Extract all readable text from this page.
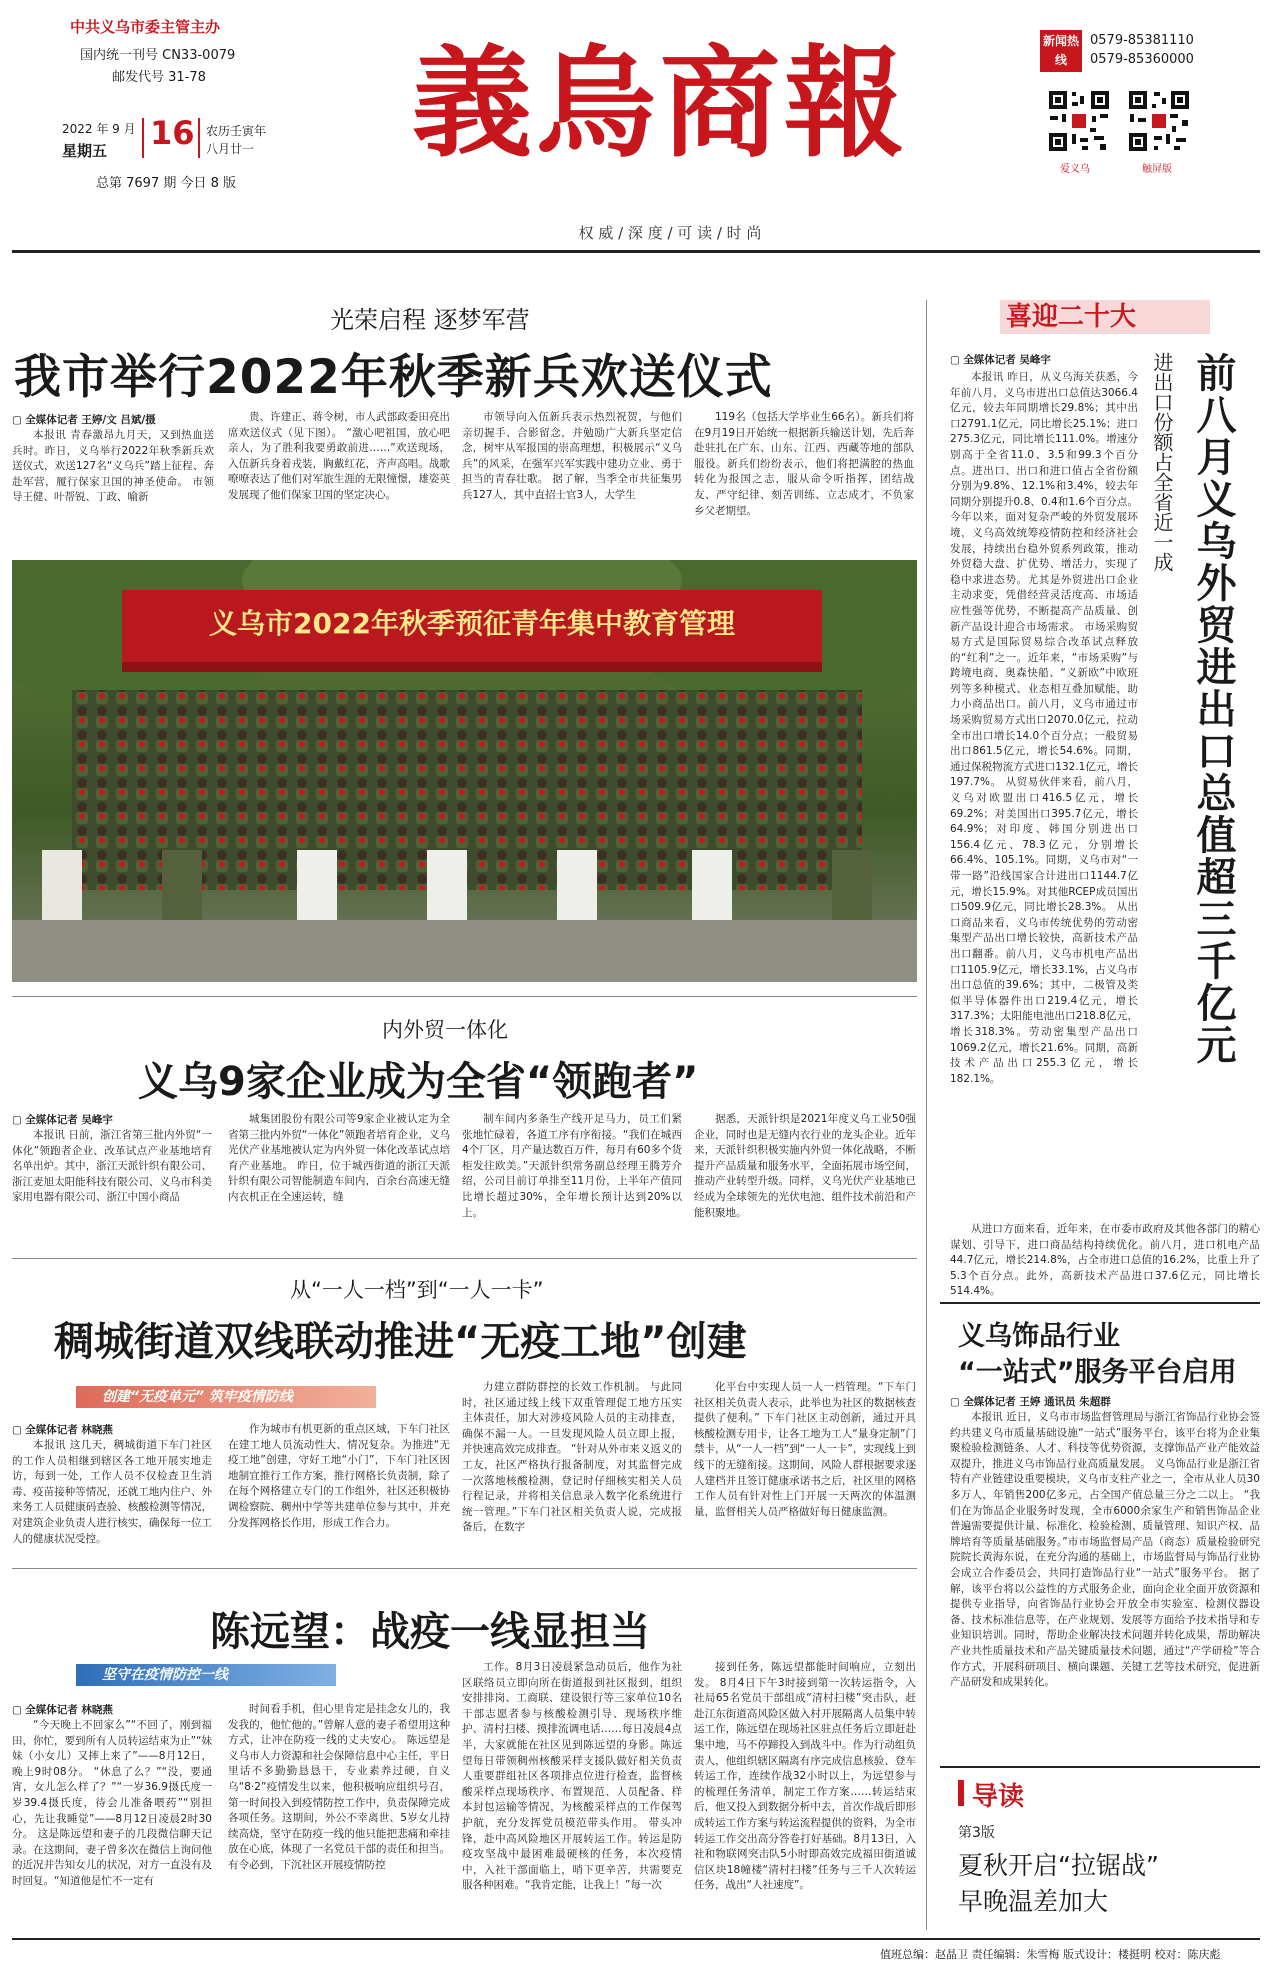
中共义乌市委主管主办
国内统一刊号 CN33-0079
邮发代号 31-78
2022 年 9 月
星期五 16 农历壬寅年
八月廿一
总第 7697 期 今日 8 版
義烏商報
权 威 / 深 度 / 可 读 / 时 尚
新闻热线
0579-85381110
0579-85360000
爱义乌	触屏版
光荣启程 逐梦军营
我市举行2022年秋季新兵欢送仪式
▢ 全媒体记者 王婷/文 吕斌/摄

本报讯 青春激昂九月天，又到热血送兵时。昨日，义乌举行2022年秋季新兵欢送仪式，欢送127名“义乌兵”踏上征程、奔赴军营，履行保家卫国的神圣使命。 市领导王健、叶帮锐、丁政、喻新

贵、许建正、蒋令树，市人武部政委田亮出席欢送仪式（见下图）。 “激心吧祖国，放心吧亲人，为了胜利我要勇敢前进……”欢送现场，入伍新兵身着戎装，胸戴红花，齐声高唱。战歌嘹嘹表达了他们对军旅生涯的无限憧憬，雄姿英发展现了他们保家卫国的坚定决心。

市领导向入伍新兵表示热烈祝贺，与他们亲切握手、合影留念，并勉励广大新兵坚定信念，树牢从军报国的崇高理想，积极展示“义乌兵”的风采，在强军兴军实践中建功立业、勇于担当的青春壮歌。 据了解，当季全市共征集男兵127人，其中直招士官3人，大学生

119名（包括大学毕业生66名）。新兵们将在9月19日开始统一根据新兵输送计划，先后奔赴驻扎在广东、山东、江西、西藏等地的部队服役。新兵们纷纷表示，他们将把满腔的热血转化为报国之志，服从命令听指挥，团结战友、严守纪律、刻苦训练、立志成才，不负家乡父老期望。

义乌市2022年秋季预征青年集中教育管理
喜迎二十大
▢ 全媒体记者 吴峰宇

本报讯 昨日，从义乌海关获悉，今年前八月，义乌市进出口总值达3066.4亿元，较去年同期增长29.8%；其中出口2791.1亿元，同比增长25.1%；进口275.3亿元，同比增长111.0%。增速分别高于全省11.0、3.5和99.3个百分点。进出口、出口和进口值占全省份额分别为9.8%、12.1%和3.4%，较去年同期分别提升0.8、0.4和1.6个百分点。 今年以来，面对复杂严峻的外贸发展环境，义乌高效统筹疫情防控和经济社会发展，持续出台稳外贸系列政策，推动外贸稳大盘、扩优势、增活力，实现了稳中求进态势。尤其是外贸进出口企业主动求变，凭借经营灵活度高、市场适应性强等优势，不断提高产品质量、创新产品设计迎合市场需求。 市场采购贸易方式是国际贸易综合改革试点释放的“红利”之一。近年来，“市场采购”与跨境电商、奥森快船、“义新欧”中欧班列等多种模式、业态相互叠加赋能，助力小商品出口。前八月，义乌市通过市场采购贸易方式出口2070.0亿元，拉动全市出口增长14.0个百分点；一般贸易出口861.5亿元，增长54.6%。同期，通过保税物流方式进口132.1亿元，增长197.7%。 从贸易伙伴来看，前八月，义乌对欧盟出口416.5亿元，增长69.2%；对美国出口395.7亿元，增长64.9%；对印度、韩国分别进出口156.4亿元、78.3亿元，分别增长66.4%、105.1%。同期，义乌市对“一带一路”沿线国家合计进出口1144.7亿元，增长15.9%。对其他RCEP成员国出口509.9亿元，同比增长28.3%。 从出口商品来看，义乌市传统优势的劳动密集型产品出口增长较快，高新技术产品出口翻番。前八月，义乌市机电产品出口1105.9亿元，增长33.1%，占义乌市出口总值的39.6%；其中，二极管及类似半导体器件出口219.4亿元，增长317.3%；太阳能电池出口218.8亿元，增长318.3%。劳动密集型产品出口1069.2亿元，增长21.6%。同期，高新技术产品出口255.3亿元，增长182.1%。

进出口份额占全省近一成 前八月义乌外贸进出口总值超三千亿元

从进口方面来看，近年来，在市委市政府及其他各部门的精心谋划、引导下，进口商品结构持续优化。前八月，进口机电产品44.7亿元，增长214.8%，占全市进口总值的16.2%，比重上升了5.3个百分点。此外，高新技术产品进口37.6亿元，同比增长514.4%。

义乌饰品行业
“一站式”服务平台启用
▢ 全媒体记者 王婷 通讯员 朱超群

本报讯 近日，义乌市市场监督管理局与浙江省饰品行业协会签约共建义乌市质量基础设施“一站式”服务平台，该平台将为企业集聚检验检测链条、人才、科技等优势资源，支撑饰品产业产能效益双提升，推进义乌市饰品行业高质量发展。 义乌饰品行业是浙江省特有产业链建设重要模块，义乌市支柱产业之一，全市从业人员30多万人，年销售200亿多元，占全国产值总量三分之二以上。 “我们在为饰品企业服务时发现，全市6000余家生产和销售饰品企业普遍需要提供计量、标准化、检验检测、质量管理、知识产权、品牌培育等质量基础服务。”市市场监督局产品（商态）质量检验研究院院长黄海东说，在充分沟通的基础上，市场监督局与饰品行业协会成立合作委员会，共同打造饰品行业“一站式”服务平台。 据了解，该平台将以公益性的方式服务企业，面向企业全面开放资源和提供专业指导，向省饰品行业协会开放全市实验室、检测仪器设备、技术标准信息等，在产业规划、发展等方面给予技术指导和专业知识培训。同时，帮助企业解决技术问题并转化成果，帮助解决产业共性质量技术和产品关键质量技术问题，通过“产学研检”等合作方式，开展科研项目、横向课题、关键工艺等技术研究，促进新产品研发和成果转化。

导读
第3版
夏秋开启“拉锯战”
早晚温差加大
内外贸一体化
义乌9家企业成为全省“领跑者”
▢ 全媒体记者 吴峰宇

本报讯 日前，浙江省第三批内外贸“一体化”领跑者企业、改革试点产业基地培育名单出炉。其中，浙江天派针织有限公司、浙江麦旭太阳能科技有限公司、义乌市科美家用电器有限公司、浙江中国小商品

城集团股份有限公司等9家企业被认定为全省第三批内外贸“一体化”领跑者培育企业，义乌光伏产业基地被认定为内外贸一体化改革试点培育产业基地。 昨日，位于城西街道的浙江天派针织有限公司智能制造车间内，百余台高速无缝内衣机正在全速运转，缝

制车间内多条生产线开足马力，员工们紧张地忙碌着，各道工序有序衔接。“我们在城西4个厂区，月产量达数百万件，每月有60多个货柜发往欧美。”天派针织常务副总经理王腾芳介绍，公司目前订单排至11月份，上半年产值同比增长超过30%，全年增长预计达到20%以上。

据悉，天派针织是2021年度义乌工业50强企业，同时也是无缝内衣行业的龙头企业。近年来，天派针织积极实施内外贸一体化战略，不断提升产品质量和服务水平，全面拓展市场空间，推动产业转型升级。同样，义乌光伏产业基地已经成为全球领先的光伏电池、组件技术前沿和产能积聚地。

从“一人一档”到“一人一卡”
稠城街道双线联动推进“无疫工地”创建
创建“无疫单元” 筑牢疫情防线
▢ 全媒体记者 林晓燕

本报讯 这几天，稠城街道下车门社区的工作人员相继到辖区各工地开展实地走访，每到一处，工作人员不仅检查卫生消毒、疫苗接种等情况，还就工地内住户、外来务工人员健康码查验、核酸检测等情况，对建筑企业负责人进行核实，确保每一位工人的健康状况受控。

作为城市有机更新的重点区域，下车门社区在建工地人员流动性大、情况复杂。为推进“无疫工地”创建，守好工地“小门”，下车门社区因地制宜推行工作方案，推行网格长负责制，除了在每个网格建立专门的工作组外，社区还积极协调检察院、稠州中学等共建单位参与其中，并充分发挥网格长作用，形成工作合力。

力建立群防群控的长效工作机制。 与此同时，社区通过线上线下双重管理促工地方压实主体责任，加大对涉疫风险人员的主动排查，确保不漏一人。一旦发现风险人员立即上报，并快速高效完成排查。 “针对从外市来义返义的工友，社区严格执行报备制度，对其监督完成一次落地核酸检测，登记时仔细核实相关人员行程记录，并将相关信息录入数字化系统进行统一管理。”下车门社区相关负责人说，完成报备后，在数字

化平台中实现人员一人一档管理。“下车门社区相关负责人表示，此举也为社区的数据核查提供了便利。” 下车门社区主动创新，通过开具核酸检测专用卡，让各工地为工人“量身定制”门禁卡，从“一人一档”到“一人一卡”，实现线上到线下的无缝衔接。这期间，风险人群根据要求逐人建档并且签订健康承诺书之后，社区里的网格工作人员有针对性上门开展一天两次的体温测量，监督相关人员严格做好每日健康监测。

陈远望：战疫一线显担当
坚守在疫情防控一线
▢ 全媒体记者 林晓燕

“今天晚上不回家么”“不回了，刚到福田，你忙，要到所有人员转运结束为止”“妹妹（小女儿）又摔上来了”——8月12日，晚上9时08分。 “休息了么？”“没，要通宵，女儿怎么样了？”“一岁36.9摄氏度一岁39.4摄氏度，待会儿准备喂药”“别担心，先让我睡觉”——8月12日凌晨2时30分。 这是陈远望和妻子的几段微信聊天记录。在这期间，妻子曾多次在微信上询问他的近况并告知女儿的状况，对方一直没有及时回复。“知道他是忙不一定有

时间看手机，但心里肯定是挂念女儿的，我发我的，他忙他的。”曾解人意的妻子希望用这种方式，让冲在防疫一线的丈夫安心。 陈远望是义乌市人力资源和社会保障信息中心主任，平日里话不多勤勤恳恳干，专业素养过硬，自义乌“8·2”疫情发生以来，他积极响应组织号召，第一时间投入到疫情防控工作中，负责保障完成各项任务。这期间，外公不幸离世、5岁女儿持续高烧，坚守在防疫一线的他只能把悲痛和牵挂放在心底，体现了一名党员干部的责任和担当。 有令必到，下沉社区开展疫情防控

工作。8月3日凌晨紧急动员后，他作为社区联络员立即向所在街道报到社区报到，组织安排排岗、工商联、建设银行等三家单位10名干部志愿者参与核酸检测引导、现场秩序维护、清村扫楼、摸排流调电话……每日凌晨4点半，大家就能在社区见到陈远望的身影。陈远望每日带领稠州核酸采样支援队做好相关负责人重要群组社区各项排点位进行检查，监督核酸采样点现场秩序、布置规范、人员配备、样本封包运输等情况，为核酸采样点的工作保驾护航，充分发挥党员模范带头作用。 带头冲锋，赴中高风险地区开展转运工作。转运是防疫攻坚战中最困难最硬核的任务，本次疫情中，入社干部面临上，哨下更辛苦，共需要克服各种困难。“我肯定能，让我上！”每一次

接到任务，陈远望都能时间响应，立刻出发。 8月4日下午3时接到第一次转运指令，入社局65名党员干部组成“清村扫楼”突击队，赶赴江东街道高风险区做入村开展隔离人员集中转运工作，陈远望在现场社区驻点任务后立即赶赴集中地，马不停蹄投入到战斗中。作为行动组负责人，他组织辖区隔离有序完成信息核验、登车转运工作，连续作战32小时以上，为远望参与的梳理任务清单，制定工作方案……转运结束后，他又投入到数据分析中去，首次作战后即形成转运工作方案与转运流程提供的资料，为全市转运工作交出高分答卷打好基础。8月13日，入社和物联网突击队5小时即高效完成福田街道诚信区块18幢楼“清村扫楼”任务与三千人次转运任务，战出“人社速度”。

值班总编：赵晶卫 责任编辑：朱雪梅 版式设计：楼挺明 校对：陈庆彪
